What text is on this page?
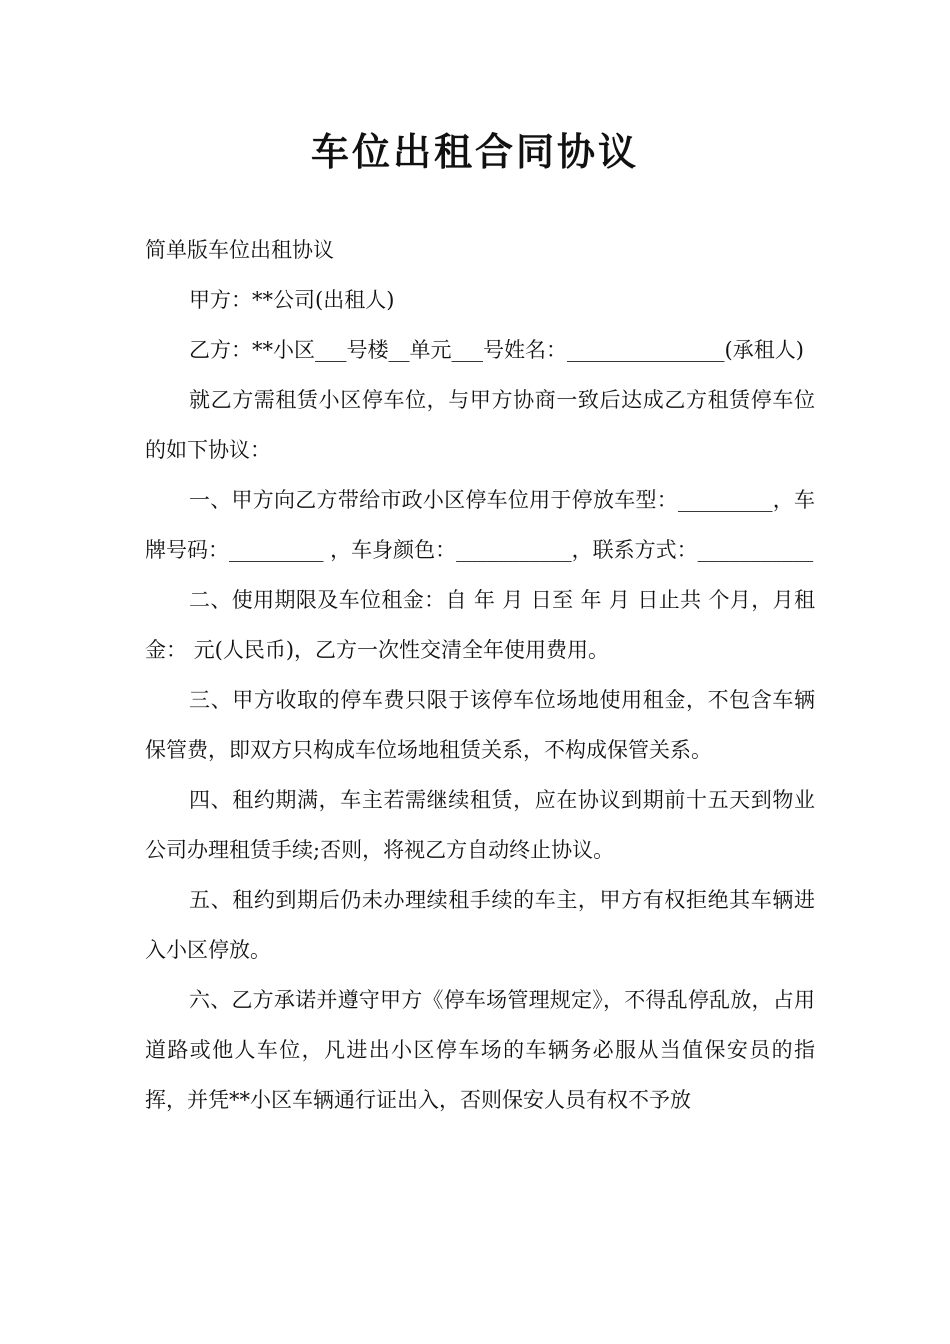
车位出租合同协议

简单版车位出租协议

甲方：**公司(出租人)

乙方：**小区___号楼__单元___号姓名：_______________(承租人)

就乙方需租赁小区停车位，与甲方协商一致后达成乙方租赁停车位的如下协议：

一、甲方向乙方带给市政小区停车位用于停放车型：_________，车牌号码：_________ ，车身颜色：___________，联系方式：___________

二、使用期限及车位租金：自 年 月 日至 年 月 日止共 个月，月租金： 元(人民币)，乙方一次性交清全年使用费用。

三、甲方收取的停车费只限于该停车位场地使用租金，不包含车辆保管费，即双方只构成车位场地租赁关系，不构成保管关系。

四、租约期满，车主若需继续租赁，应在协议到期前十五天到物业公司办理租赁手续;否则，将视乙方自动终止协议。

五、租约到期后仍未办理续租手续的车主，甲方有权拒绝其车辆进入小区停放。

六、乙方承诺并遵守甲方《停车场管理规定》，不得乱停乱放，占用道路或他人车位，凡进出小区停车场的车辆务必服从当值保安员的指挥，并凭**小区车辆通行证出入，否则保安人员有权不予放
